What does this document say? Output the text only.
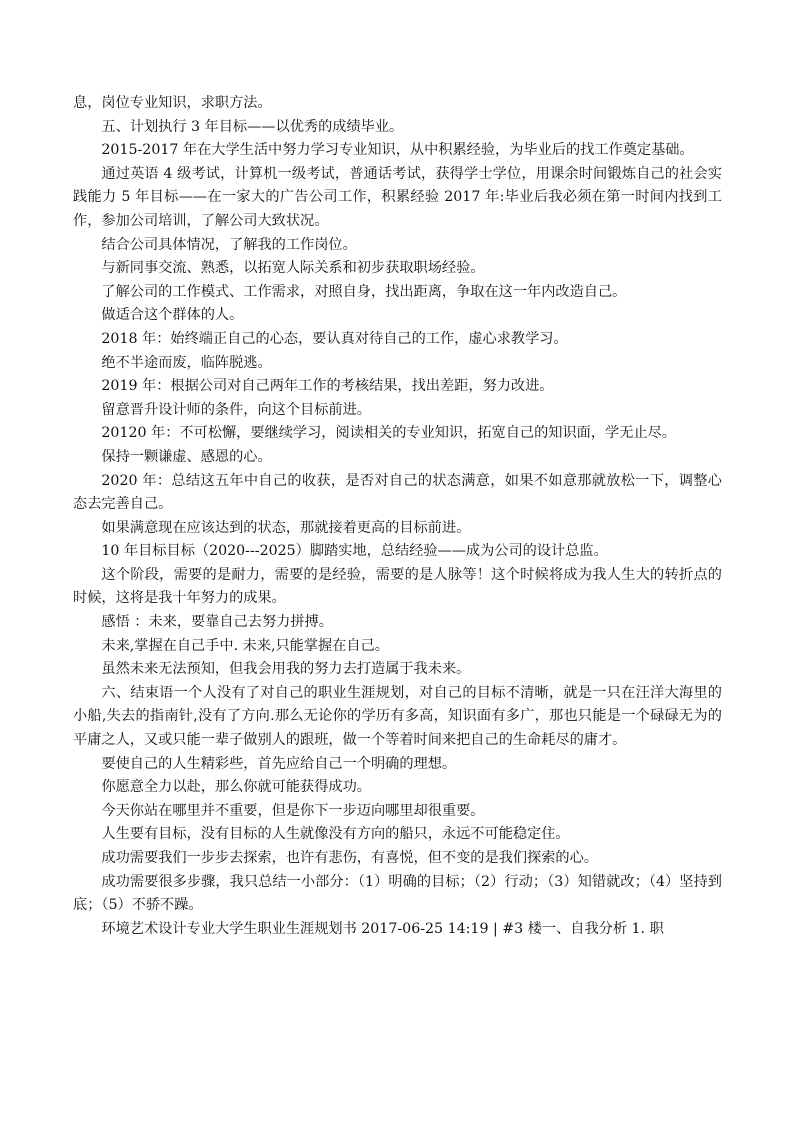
息，岗位专业知识，求职方法。

五、计划执行 3 年目标——以优秀的成绩毕业。

2015-2017 年在大学生活中努力学习专业知识，从中积累经验，为毕业后的找工作奠定基础。

通过英语 4 级考试，计算机一级考试，普通话考试，获得学士学位，用课余时间锻炼自己的社会实践能力 5 年目标——在一家大的广告公司工作，积累经验 2017 年:毕业后我必须在第一时间内找到工作，参加公司培训，了解公司大致状况。

结合公司具体情况，了解我的工作岗位。

与新同事交流、熟悉，以拓宽人际关系和初步获取职场经验。

了解公司的工作模式、工作需求，对照自身，找出距离，争取在这一年内改造自己。

做适合这个群体的人。

2018 年：始终端正自己的心态，要认真对待自己的工作，虚心求教学习。

绝不半途而废，临阵脱逃。

2019 年：根据公司对自己两年工作的考核结果，找出差距，努力改进。

留意晋升设计师的条件，向这个目标前进。

20120 年：不可松懈，要继续学习，阅读相关的专业知识，拓宽自己的知识面，学无止尽。

保持一颗谦虚、感恩的心。

2020 年：总结这五年中自己的收获，是否对自己的状态满意，如果不如意那就放松一下，调整心态去完善自己。

如果满意现在应该达到的状态，那就接着更高的目标前进。

10 年目标目标（2020---2025）脚踏实地，总结经验——成为公司的设计总监。

这个阶段，需要的是耐力，需要的是经验，需要的是人脉等！这个时候将成为我人生大的转折点的时候，这将是我十年努力的成果。

感悟 ：未来，要靠自己去努力拼搏。

未来,掌握在自己手中. 未来,只能掌握在自己。

虽然未来无法预知，但我会用我的努力去打造属于我未来。

六、结束语一个人没有了对自己的职业生涯规划，对自己的目标不清晰，就是一只在汪洋大海里的小船,失去的指南针,没有了方向.那么无论你的学历有多高，知识面有多广，那也只能是一个碌碌无为的平庸之人，又或只能一辈子做别人的跟班，做一个等着时间来把自己的生命耗尽的庸才。

要使自己的人生精彩些，首先应给自己一个明确的理想。

你愿意全力以赴，那么你就可能获得成功。

今天你站在哪里并不重要，但是你下一步迈向哪里却很重要。

人生要有目标，没有目标的人生就像没有方向的船只，永远不可能稳定住。

成功需要我们一步步去探索，也许有悲伤，有喜悦，但不变的是我们探索的心。

成功需要很多步骤，我只总结一小部分：（1）明确的目标；（2）行动；（3）知错就改；（4）坚持到底；（5）不骄不躁。

环境艺术设计专业大学生职业生涯规划书 2017-06-25 14:19 | #3 楼一、自我分析 1. 职
